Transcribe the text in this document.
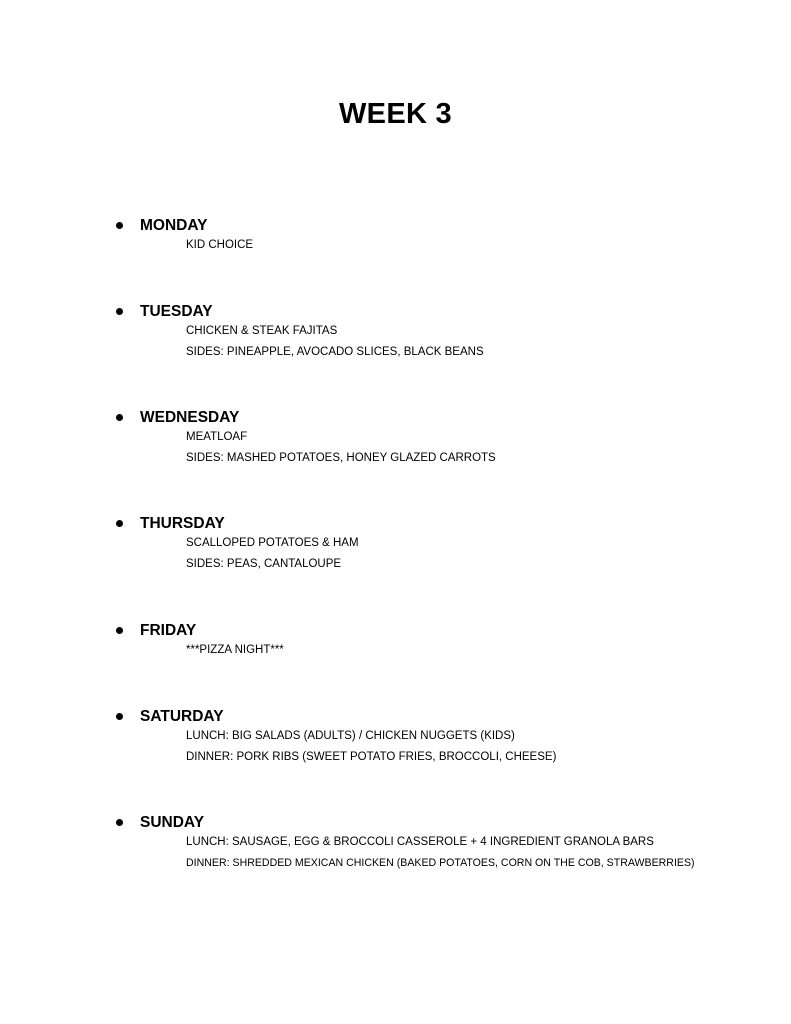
WEEK 3
MONDAY
KID CHOICE
TUESDAY
CHICKEN & STEAK FAJITAS
SIDES: PINEAPPLE, AVOCADO SLICES, BLACK BEANS
WEDNESDAY
MEATLOAF
SIDES: MASHED POTATOES, HONEY GLAZED CARROTS
THURSDAY
SCALLOPED POTATOES & HAM
SIDES: PEAS, CANTALOUPE
FRIDAY
***PIZZA NIGHT***
SATURDAY
LUNCH: BIG SALADS (ADULTS) / CHICKEN NUGGETS (KIDS)
DINNER: PORK RIBS (SWEET POTATO FRIES, BROCCOLI, CHEESE)
SUNDAY
LUNCH: SAUSAGE, EGG & BROCCOLI CASSEROLE + 4 INGREDIENT GRANOLA BARS
DINNER: SHREDDED MEXICAN CHICKEN (BAKED POTATOES, CORN ON THE COB, STRAWBERRIES)
